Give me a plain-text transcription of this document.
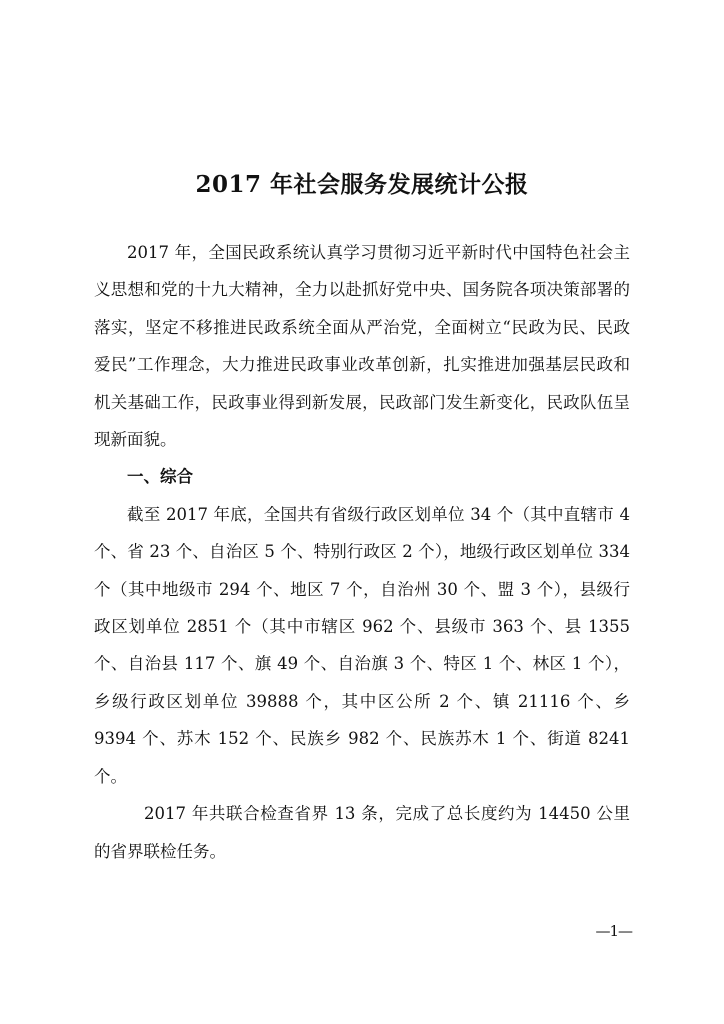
2017 年社会服务发展统计公报

2017 年，全国民政系统认真学习贯彻习近平新时代中国特色社会主义思想和党的十九大精神，全力以赴抓好党中央、国务院各项决策部署的落实，坚定不移推进民政系统全面从严治党，全面树立“民政为民、民政爱民”工作理念，大力推进民政事业改革创新，扎实推进加强基层民政和机关基础工作，民政事业得到新发展，民政部门发生新变化，民政队伍呈现新面貌。

一、综合

截至 2017 年底，全国共有省级行政区划单位 34 个（其中直辖市 4 个、省 23 个、自治区 5 个、特别行政区 2 个），地级行政区划单位 334 个（其中地级市 294 个、地区 7 个，自治州 30 个、盟 3 个），县级行政区划单位 2851 个（其中市辖区 962 个、县级市 363 个、县 1355 个、自治县 117 个、旗 49 个、自治旗 3 个、特区 1 个、林区 1 个），乡级行政区划单位 39888 个，其中区公所 2 个、镇 21116 个、乡 9394 个、苏木 152 个、民族乡 982 个、民族苏木 1 个、街道 8241 个。

2017 年共联合检查省界 13 条，完成了总长度约为 14450 公里的省界联检任务。

—1—
